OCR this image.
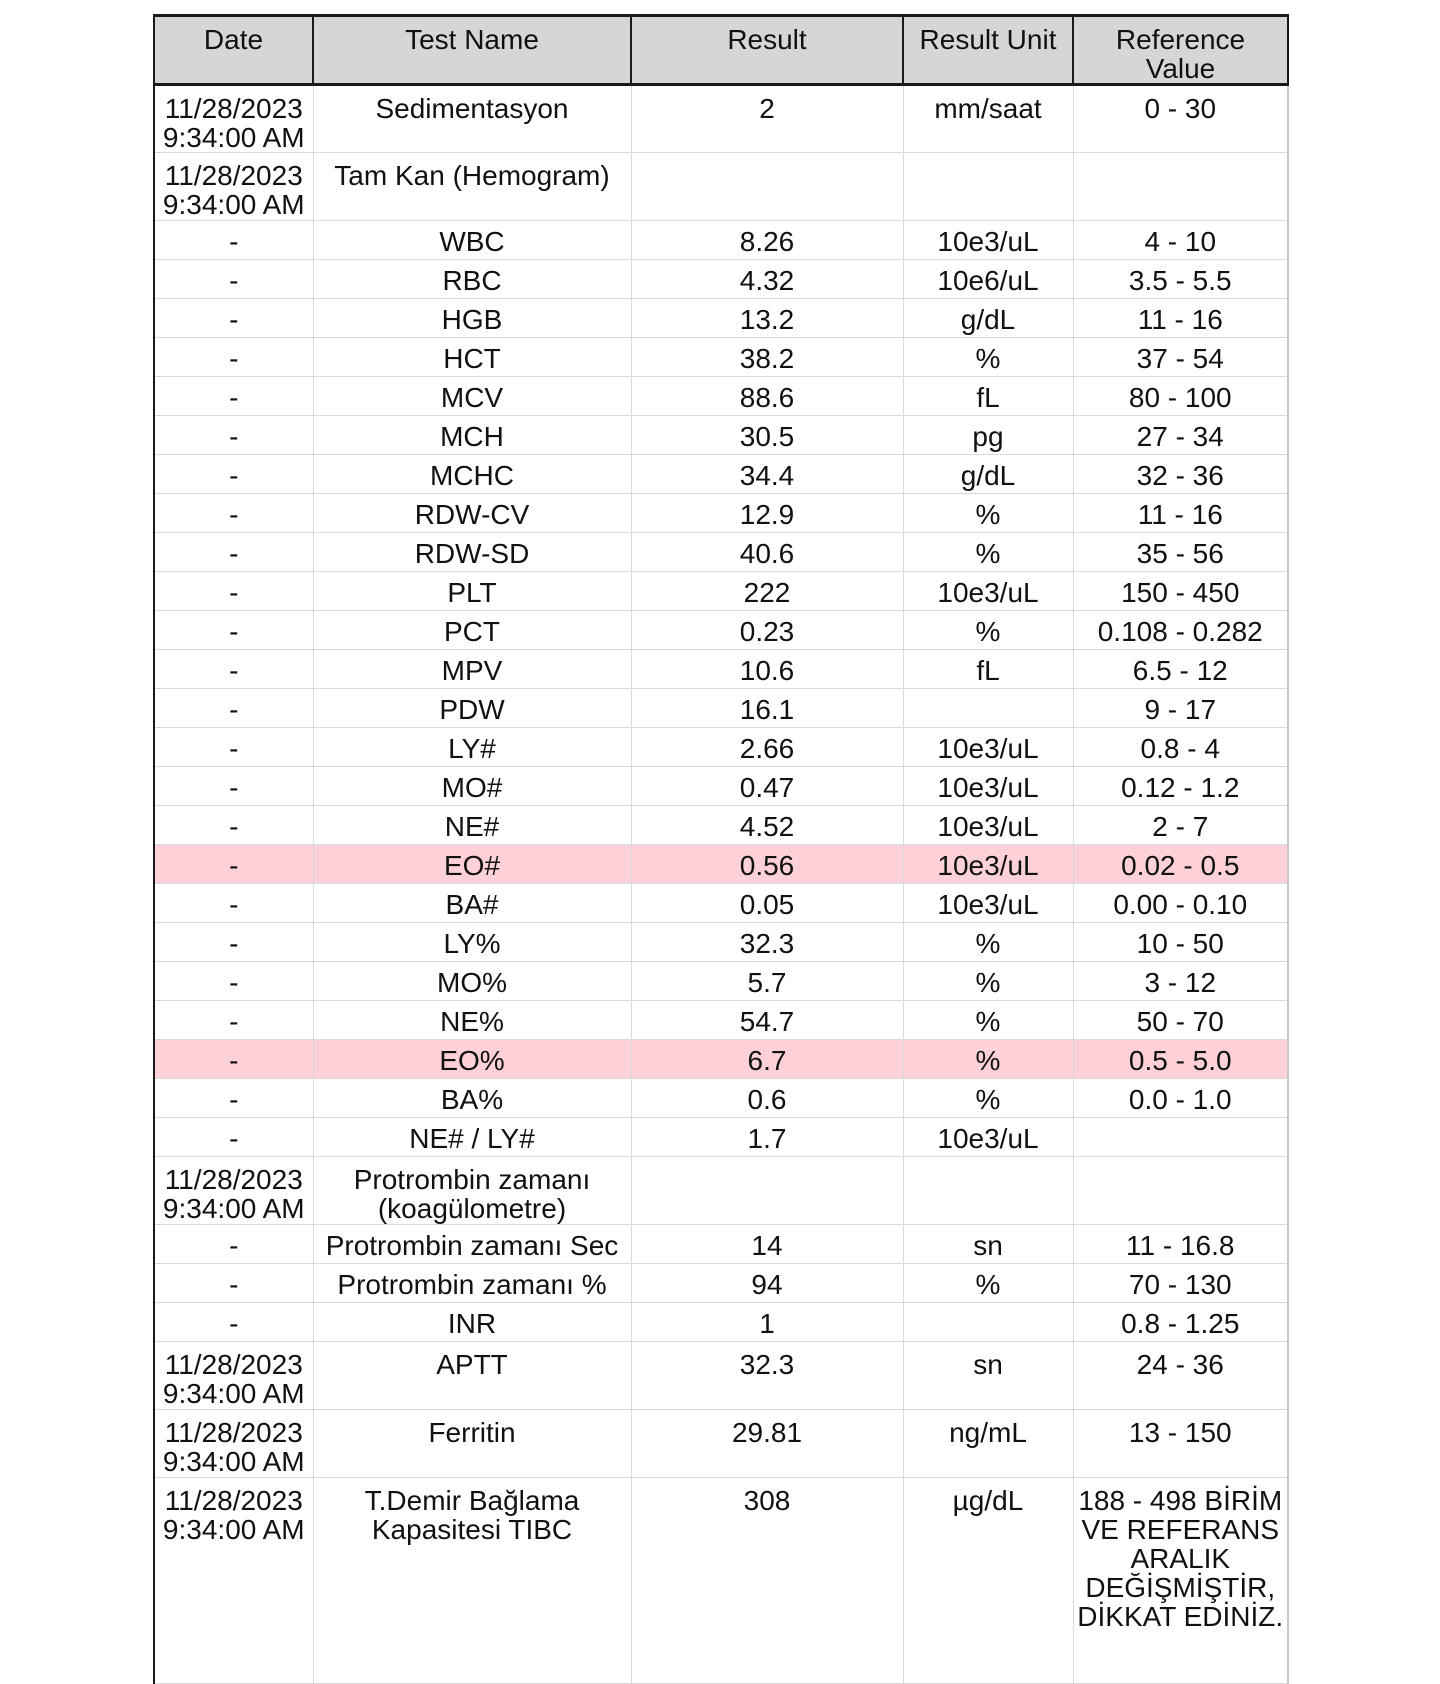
Date	Test Name	Result	Result Unit	Reference Value
11/28/2023 9:34:00 AM	Sedimentasyon	2	mm/saat	0 - 30
11/28/2023 9:34:00 AM	Tam Kan (Hemogram)			
-	WBC	8.26	10e3/uL	4 - 10
-	RBC	4.32	10e6/uL	3.5 - 5.5
-	HGB	13.2	g/dL	11 - 16
-	HCT	38.2	%	37 - 54
-	MCV	88.6	fL	80 - 100
-	MCH	30.5	pg	27 - 34
-	MCHC	34.4	g/dL	32 - 36
-	RDW-CV	12.9	%	11 - 16
-	RDW-SD	40.6	%	35 - 56
-	PLT	222	10e3/uL	150 - 450
-	PCT	0.23	%	0.108 - 0.282
-	MPV	10.6	fL	6.5 - 12
-	PDW	16.1		9 - 17
-	LY#	2.66	10e3/uL	0.8 - 4
-	MO#	0.47	10e3/uL	0.12 - 1.2
-	NE#	4.52	10e3/uL	2 - 7
-	EO#	0.56	10e3/uL	0.02 - 0.5
-	BA#	0.05	10e3/uL	0.00 - 0.10
-	LY%	32.3	%	10 - 50
-	MO%	5.7	%	3 - 12
-	NE%	54.7	%	50 - 70
-	EO%	6.7	%	0.5 - 5.0
-	BA%	0.6	%	0.0 - 1.0
-	NE# / LY#	1.7	10e3/uL	
11/28/2023 9:34:00 AM	Protrombin zamanı (koagülometre)			
-	Protrombin zamanı Sec	14	sn	11 - 16.8
-	Protrombin zamanı %	94	%	70 - 130
-	INR	1		0.8 - 1.25
11/28/2023 9:34:00 AM	APTT	32.3	sn	24 - 36
11/28/2023 9:34:00 AM	Ferritin	29.81	ng/mL	13 - 150
11/28/2023 9:34:00 AM	T.Demir Bağlama Kapasitesi TIBC	308	µg/dL	188 - 498 BİRİM VE REFERANS ARALIK DEĞİŞMİŞTİR, DİKKAT EDİNİZ.
